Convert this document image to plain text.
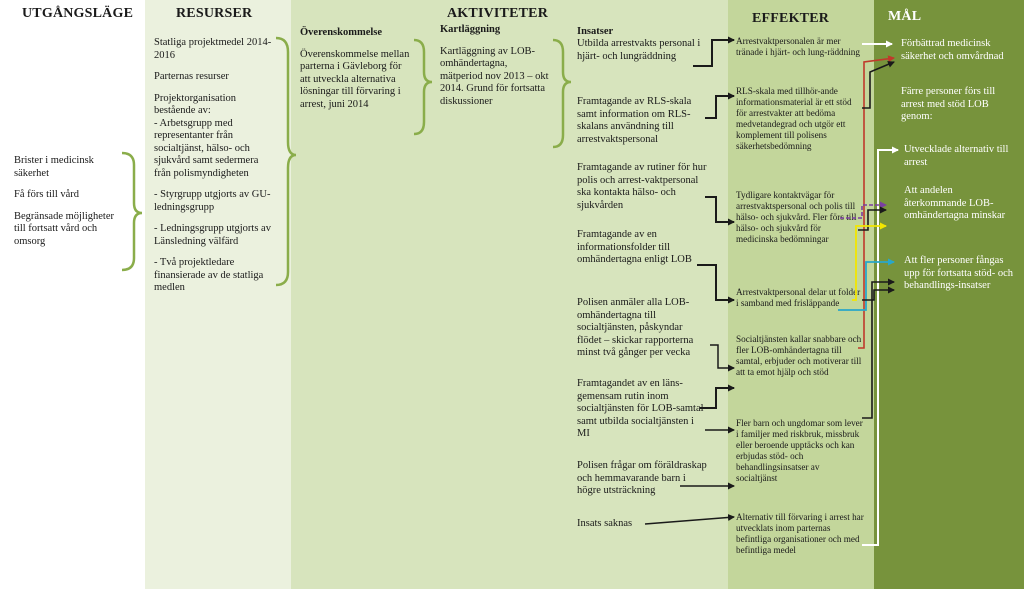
UTGÅNGSLÄGE	RESURSER	AKTIVITETER	EFFEKTER	MÅL

Brister i medicinsk säkerhet

Få förs till vård

Begränsade möjligheter till fortsatt vård och omsorg

Statliga projektmedel 2014-2016

Parternas resurser

Projektorganisation bestående av:

- Arbetsgrupp med representanter från socialtjänst, hälso- och sjukvård samt sedermera från polismyndigheten

- Styrgrupp utgjorts av GU-ledningsgrupp

- Ledningsgrupp utgjorts av Länsledning välfärd

- Två projektledare finansierade av de statliga medlen

Överenskommelse

Överenskommelse mellan parterna i Gävleborg för att utveckla alternativa lösningar till förvaring i arrest, juni 2014

Kartläggning

Kartläggning av LOB-omhändertagna, mätperiod nov 2013 – okt 2014. Grund för fortsatta diskussioner

Insatser
Utbilda arrestvakts personal i hjärt- och lungräddning
Framtagande av RLS-skala samt information om RLS-skalans användning till arrestvaktspersonal
Framtagande av rutiner för hur polis och arrest-vaktpersonal ska kontakta hälso- och sjukvården
Framtagande av en informationsfolder till omhändertagna enligt LOB
Polisen anmäler alla LOB-omhändertagna till socialtjänsten, påskyndar flödet – skickar rapporterna minst två gånger per vecka
Framtagandet av en läns-gemensam rutin inom socialtjänsten för LOB-samtal samt utbilda socialtjänsten i MI
Polisen frågar om föräldraskap och hemmavarande barn i högre utsträckning
Insats saknas
Arrestvaktpersonalen är mer tränade i hjärt- och lung-räddning
RLS-skala med tillhör-ande informationsmaterial är ett stöd för arrestvakter att bedöma medvetandegrad och utgör ett komplement till polisens säkerhetsbedömning
Tydligare kontaktvägar för arrestvaktspersonal och polis till hälso- och sjukvård. Fler förs till hälso- och sjukvård för medicinska bedömningar
Arrestvaktpersonal delar ut folder i samband med frisläppande
Socialtjänsten kallar snabbare och fler LOB-omhändertagna till samtal, erbjuder och motiverar till att ta emot hjälp och stöd
Fler barn och ungdomar som lever i familjer med riskbruk, missbruk eller beroende upptäcks och kan erbjudas stöd- och behandlingsinsatser av socialtjänst
Alternativ till förvaring i arrest har utvecklats inom parternas befintliga organisationer och med befintliga medel
Förbättrad medicinsk säkerhet och omvårdnad
Färre personer förs till arrest med stöd LOB genom:
Utvecklade alternativ till arrest
Att andelen återkommande LOB-omhändertagna minskar
Att fler personer fångas upp för fortsatta stöd- och behandlings-insatser
